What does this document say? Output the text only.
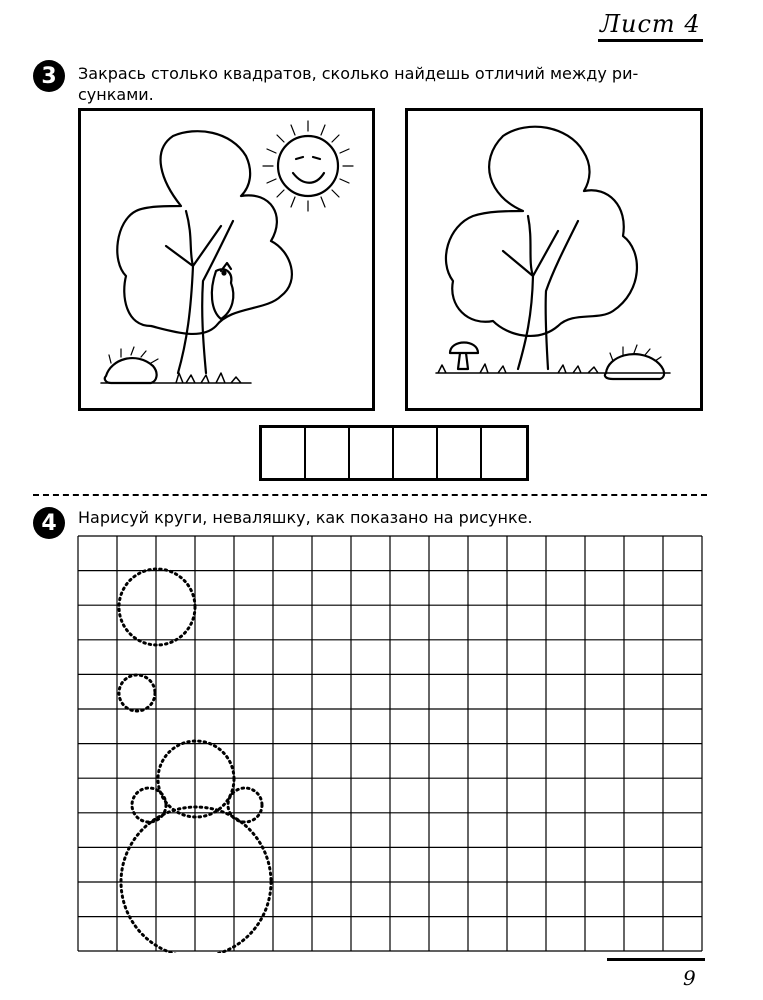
Лист 4
3	Закрась столько квадратов, сколько найдешь отличий между ри-
сунками.
4	Нарисуй круги, неваляшку, как показано на рисунке.
9
